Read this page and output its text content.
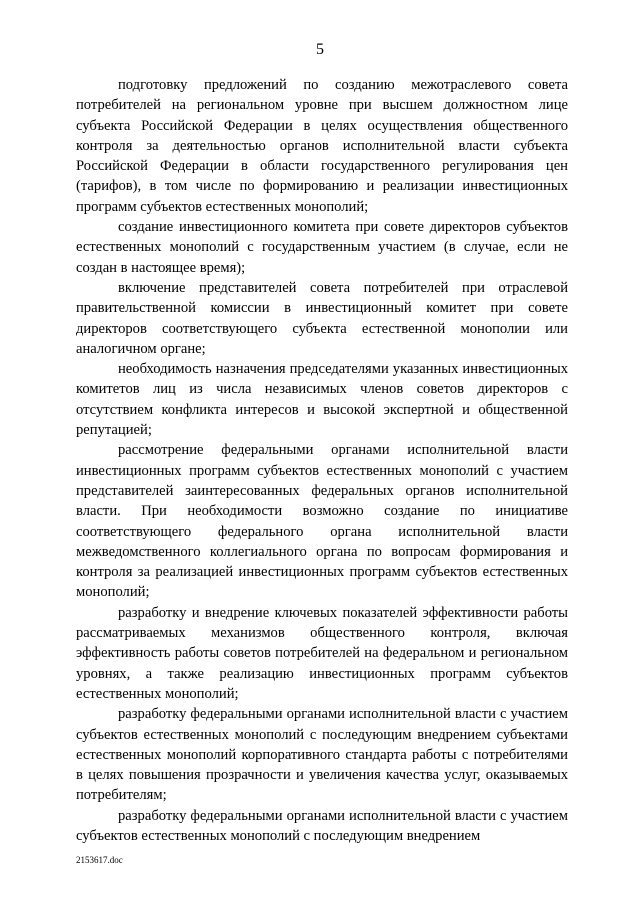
5

подготовку предложений по созданию межотраслевого совета потребителей на региональном уровне при высшем должностном лице субъекта Российской Федерации в целях осуществления общественного контроля за деятельностью органов исполнительной власти субъекта Российской Федерации в области государственного регулирования цен (тарифов), в том числе по формированию и реализации инвестиционных программ субъектов естественных монополий;

создание инвестиционного комитета при совете директоров субъектов естественных монополий с государственным участием (в случае, если не создан в настоящее время);

включение представителей совета потребителей при отраслевой правительственной комиссии в инвестиционный комитет при совете директоров соответствующего субъекта естественной монополии или аналогичном органе;

необходимость назначения председателями указанных инвестиционных комитетов лиц из числа независимых членов советов директоров с отсутствием конфликта интересов и высокой экспертной и общественной репутацией;

рассмотрение федеральными органами исполнительной власти инвестиционных программ субъектов естественных монополий с участием представителей заинтересованных федеральных органов исполнительной власти. При необходимости возможно создание по инициативе соответствующего федерального органа исполнительной власти межведомственного коллегиального органа по вопросам формирования и контроля за реализацией инвестиционных программ субъектов естественных монополий;

разработку и внедрение ключевых показателей эффективности работы рассматриваемых механизмов общественного контроля, включая эффективность работы советов потребителей на федеральном и региональном уровнях, а также реализацию инвестиционных программ субъектов естественных монополий;

разработку федеральными органами исполнительной власти с участием субъектов естественных монополий с последующим внедрением субъектами естественных монополий корпоративного стандарта работы с потребителями в целях повышения прозрачности и увеличения качества услуг, оказываемых потребителям;

разработку федеральными органами исполнительной власти с участием субъектов естественных монополий с последующим внедрением

2153617.doc
